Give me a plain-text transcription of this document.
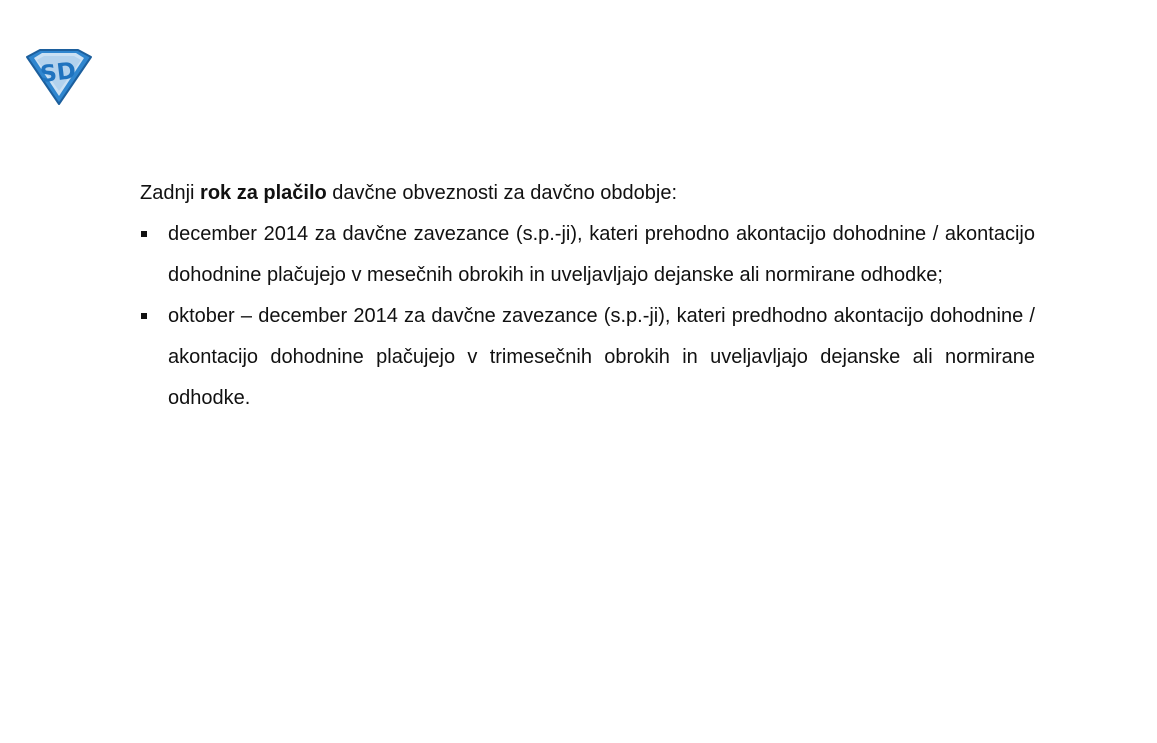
SD

Zadnji rok za plačilo davčne obveznosti za davčno obdobje:

december 2014 za davčne zavezance (s.p.-ji), kateri prehodno akontacijo dohodnine / akontacijo dohodnine plačujejo v mesečnih obrokih in uveljavljajo dejanske ali normirane odhodke;
oktober – december 2014 za davčne zavezance (s.p.-ji), kateri predhodno akontacijo dohodnine / akontacijo dohodnine plačujejo v trimesečnih obrokih in uveljavljajo dejanske ali normirane odhodke.
